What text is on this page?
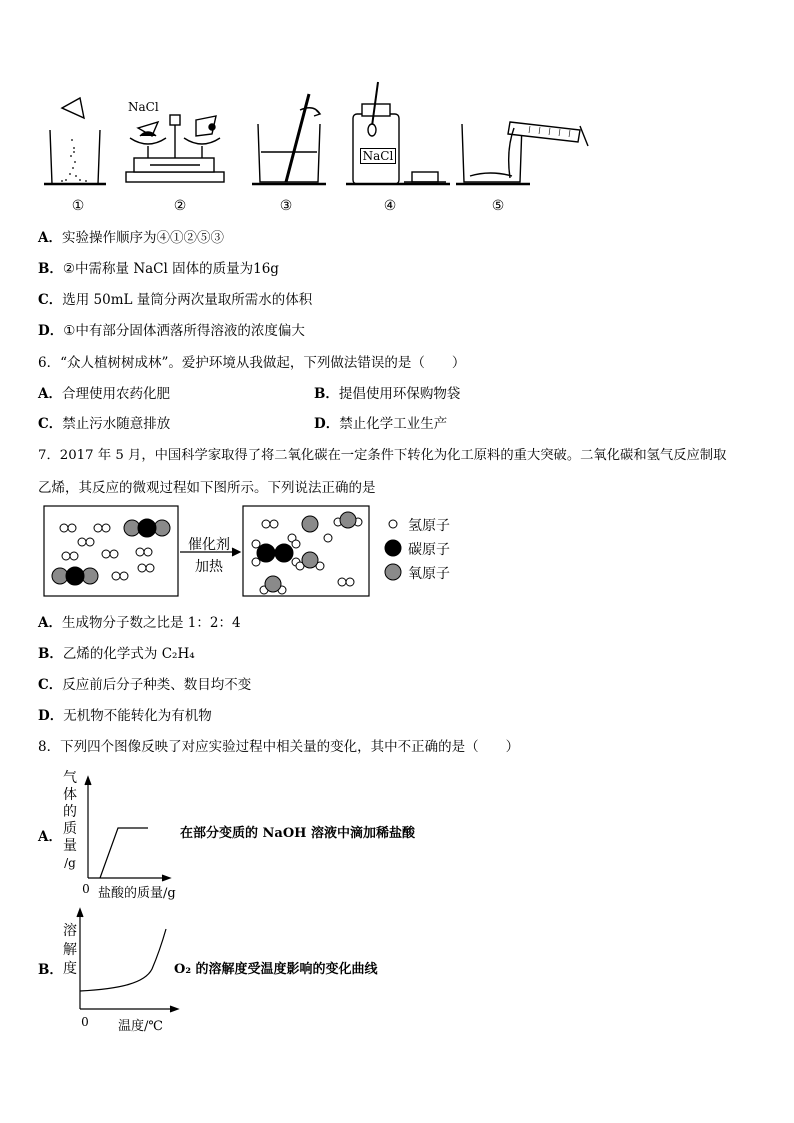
NaCl
NaCl
①	②	③	④	⑤
A．实验操作顺序为④①②⑤③
B．②中需称量 NaCl 固体的质量为16g
C．选用 50mL 量筒分两次量取所需水的体积
D．①中有部分固体洒落所得溶液的浓度偏大
6．“众人植树树成林”。爱护环境从我做起，下列做法错误的是（　　）
A．合理使用农药化肥	B．提倡使用环保购物袋
C．禁止污水随意排放	D．禁止化学工业生产
7．2017 年 5 月，中国科学家取得了将二氧化碳在一定条件下转化为化工原料的重大突破。二氧化碳和氢气反应制取
乙烯，其反应的微观过程如下图所示。下列说法正确的是
催化剂
加热
氢原子
碳原子
氧原子
A．生成物分子数之比是 1：2：4
B．乙烯的化学式为 C₂H₄
C．反应前后分子种类、数目均不变
D．无机物不能转化为有机物
8．下列四个图像反映了对应实验过程中相关量的变化，其中不正确的是（　　）
A．
气
体
的
质
量
/g
0 盐酸的质量/g
在部分变质的 NaOH 溶液中滴加稀盐酸
B．
溶
解
度
0 温度/℃
O₂ 的溶解度受温度影响的变化曲线
